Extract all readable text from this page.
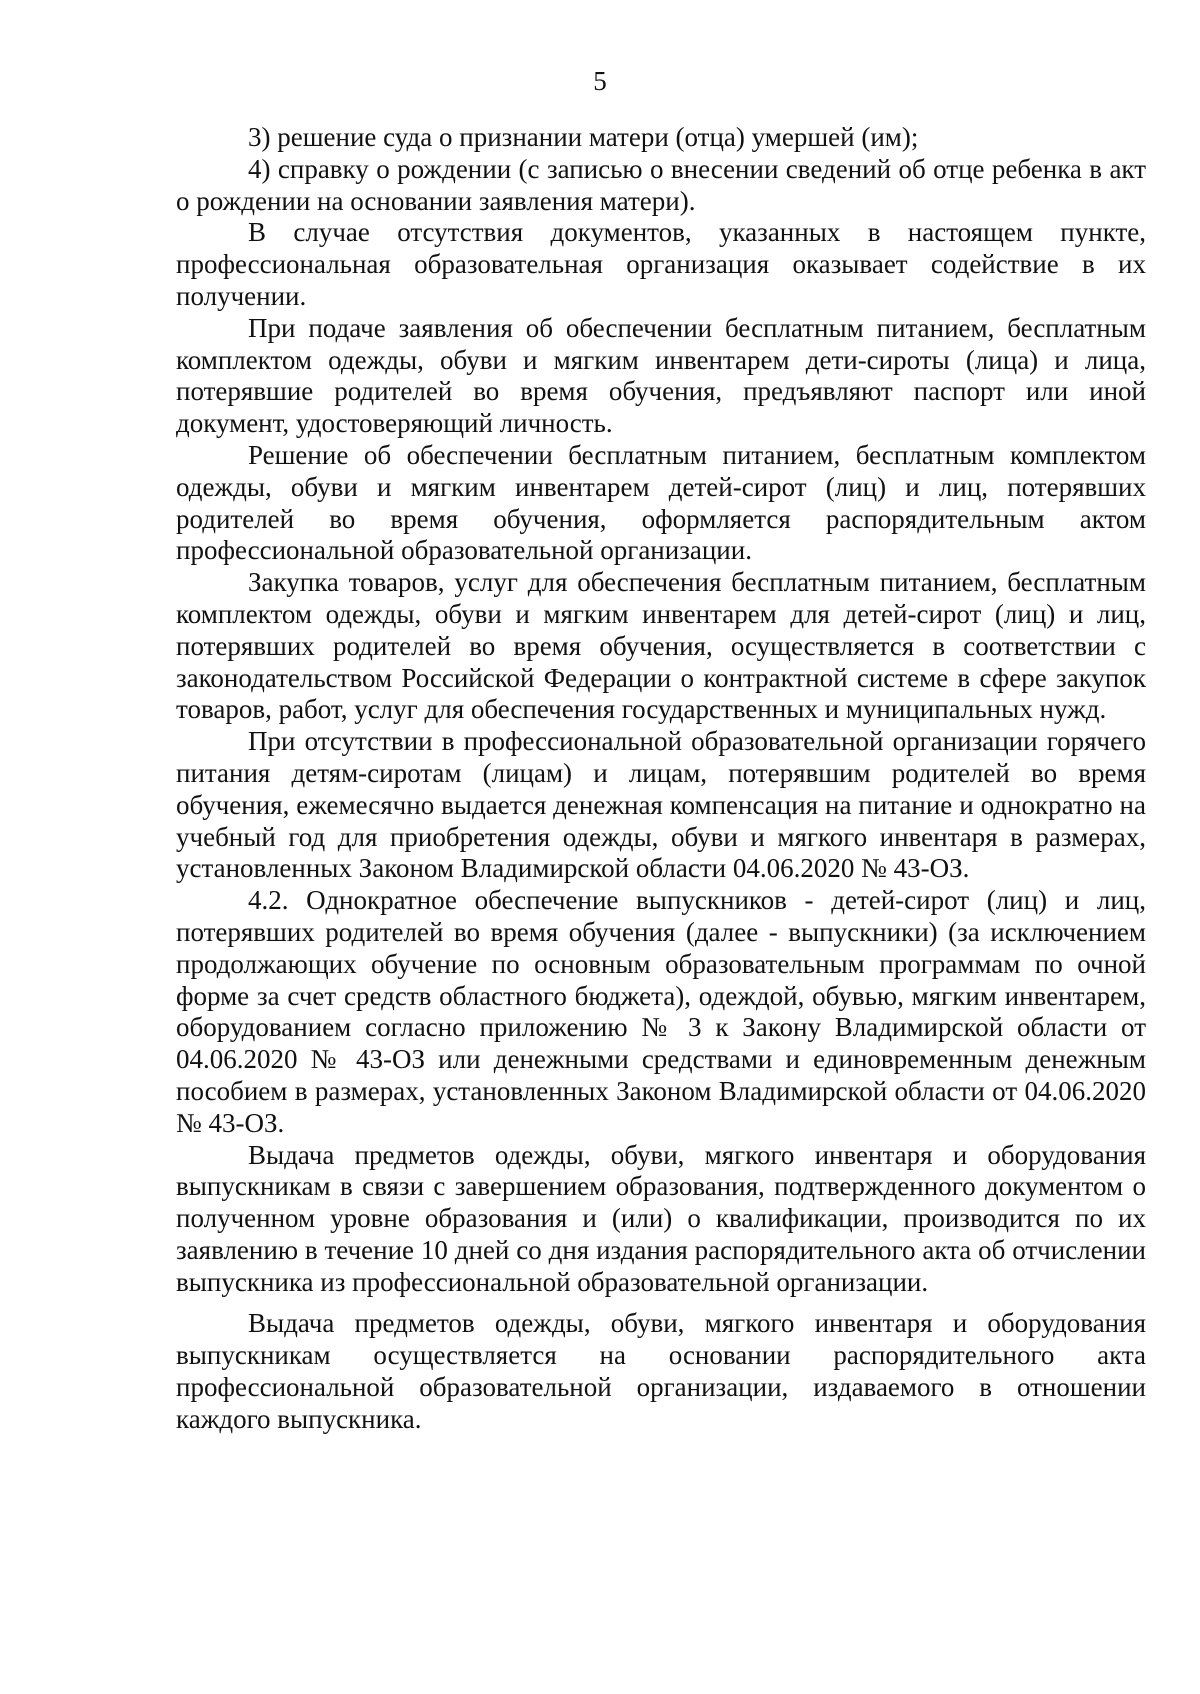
5

3) решение суда о признании матери (отца) умершей (им);

4) справку о рождении (с записью о внесении сведений об отце ребенка в акт о рождении на основании заявления матери).

В случае отсутствия документов, указанных в настоящем пункте, профессиональная образовательная организация оказывает содействие в их получении.

При подаче заявления об обеспечении бесплатным питанием, бесплатным комплектом одежды, обуви и мягким инвентарем дети-сироты (лица) и лица, потерявшие родителей во время обучения, предъявляют паспорт или иной документ, удостоверяющий личность.

Решение об обеспечении бесплатным питанием, бесплатным комплектом одежды, обуви и мягким инвентарем детей-сирот (лиц) и лиц, потерявших родителей во время обучения, оформляется распорядительным актом профессиональной образовательной организации.

Закупка товаров, услуг для обеспечения бесплатным питанием, бесплатным комплектом одежды, обуви и мягким инвентарем для детей-сирот (лиц) и лиц, потерявших родителей во время обучения, осуществляется в соответствии с законодательством Российской Федерации о контрактной системе в сфере закупок товаров, работ, услуг для обеспечения государственных и муниципальных нужд.

При отсутствии в профессиональной образовательной организации горячего питания детям-сиротам (лицам) и лицам, потерявшим родителей во время обучения, ежемесячно выдается денежная компенсация на питание и однократно на учебный год для приобретения одежды, обуви и мягкого инвентаря в размерах, установленных Законом Владимирской области 04.06.2020 № 43-ОЗ.

4.2. Однократное обеспечение выпускников - детей-сирот (лиц) и лиц, потерявших родителей во время обучения (далее - выпускники) (за исключением продолжающих обучение по основным образовательным программам по очной форме за счет средств областного бюджета), одеждой, обувью, мягким инвентарем, оборудованием согласно приложению № 3 к Закону Владимирской области от 04.06.2020 № 43-ОЗ или денежными средствами и единовременным денежным пособием в размерах, установленных Законом Владимирской области от 04.06.2020 № 43-ОЗ.

Выдача предметов одежды, обуви, мягкого инвентаря и оборудования выпускникам в связи с завершением образования, подтвержденного документом о полученном уровне образования и (или) о квалификации, производится по их заявлению в течение 10 дней со дня издания распорядительного акта об отчислении выпускника из профессиональной образовательной организации.

Выдача предметов одежды, обуви, мягкого инвентаря и оборудования выпускникам осуществляется на основании распорядительного акта профессиональной образовательной организации, издаваемого в отношении каждого выпускника.
